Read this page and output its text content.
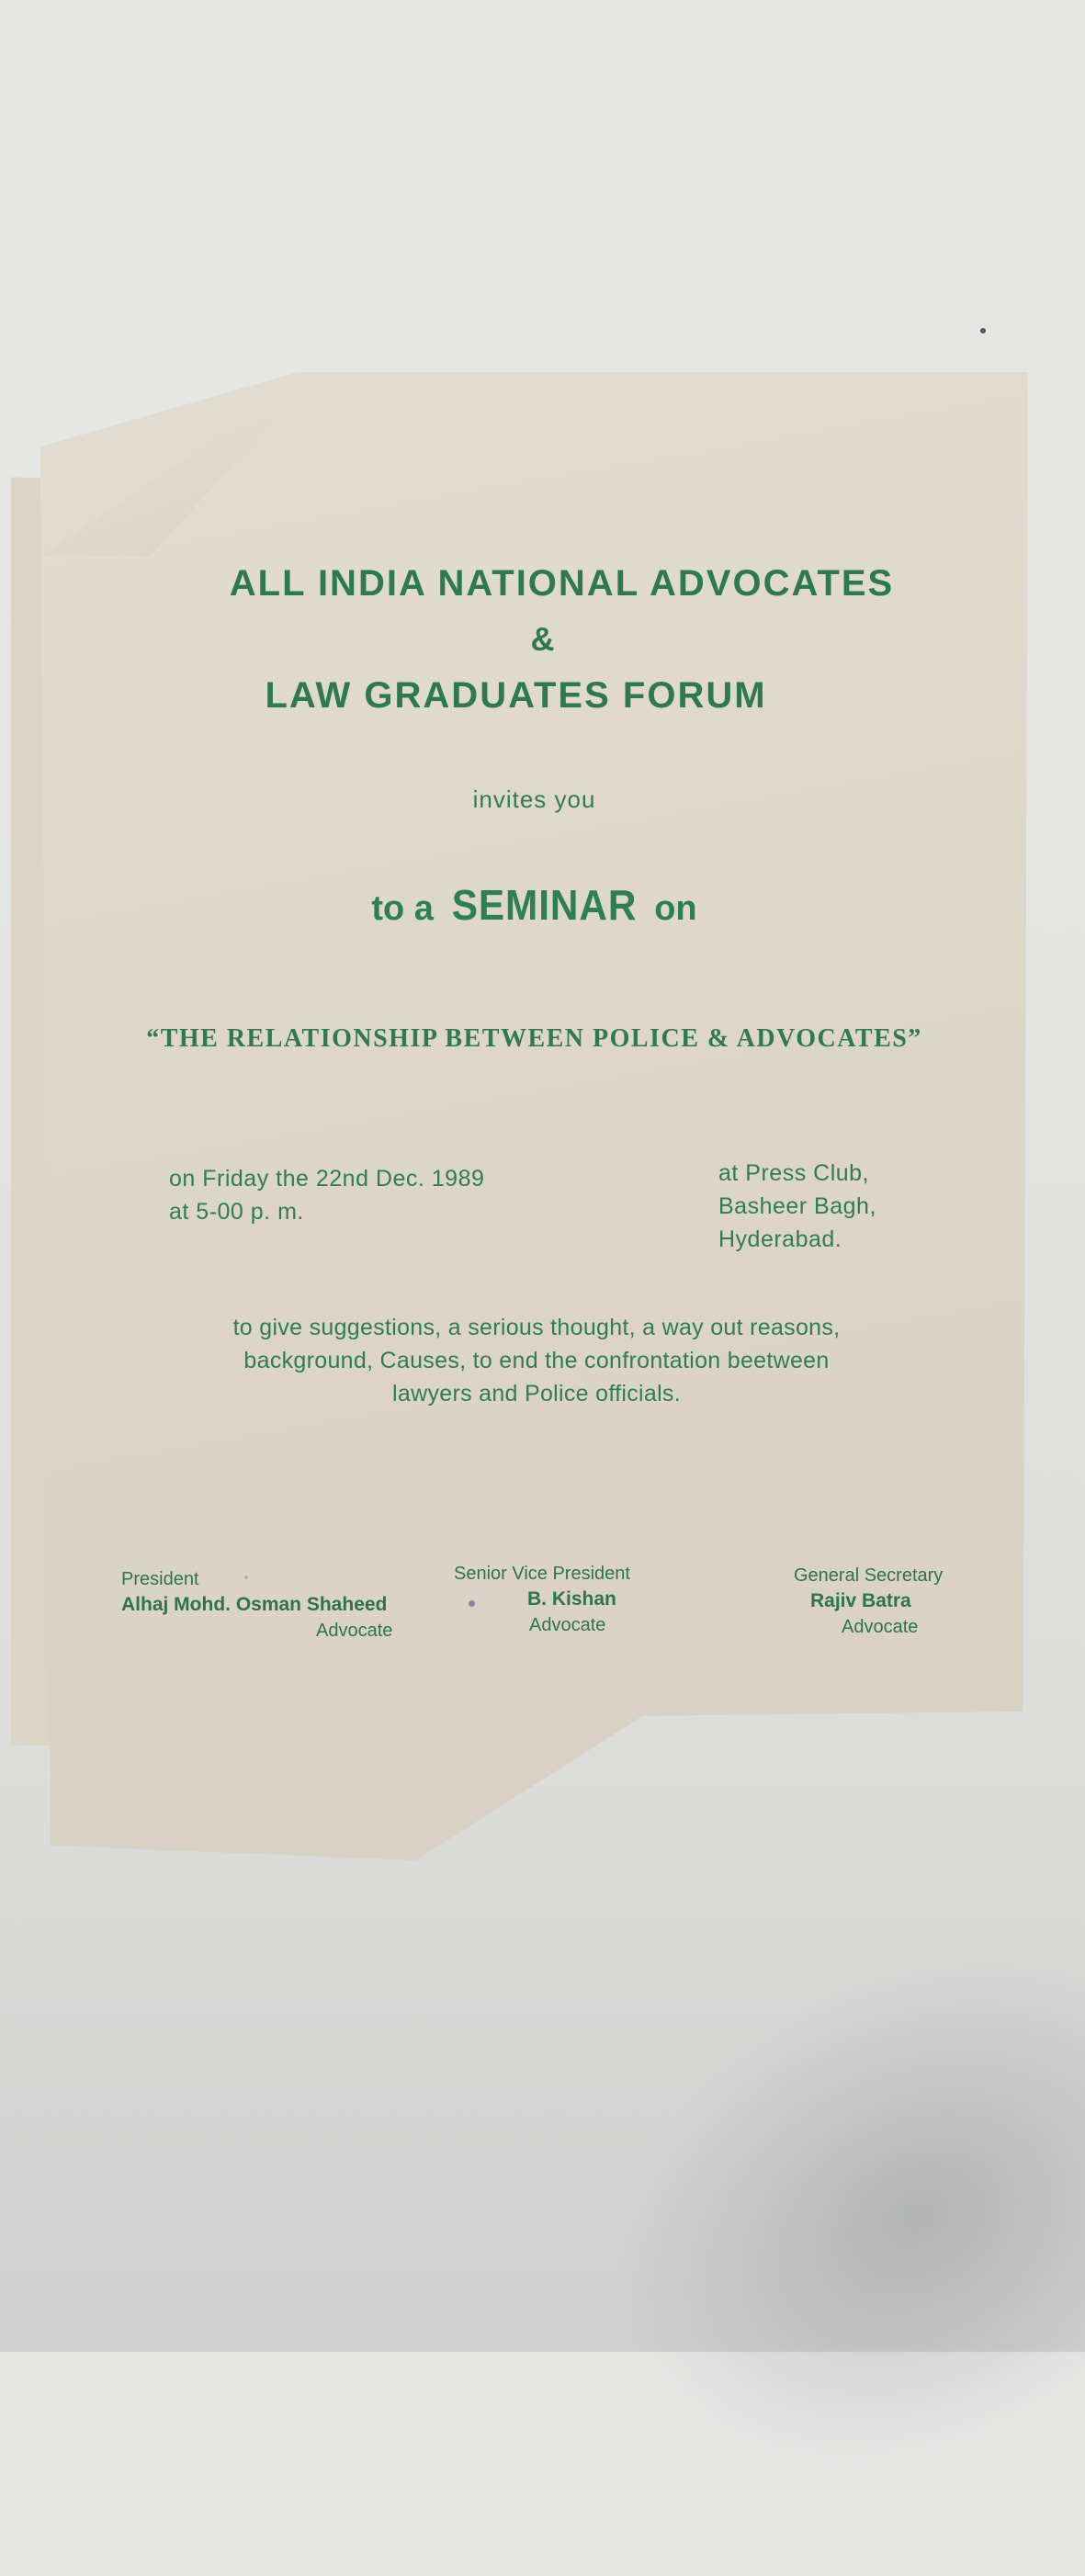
ALL INDIA NATIONAL ADVOCATES
&
LAW GRADUATES FORUM
invites you
to a SEMINAR on
“THE RELATIONSHIP BETWEEN POLICE & ADVOCATES”
on Friday the 22nd Dec. 1989
at 5-00 p. m.
at Press Club,
Basheer Bagh,
Hyderabad.
to give suggestions, a serious thought, a way out reasons,
background, Causes, to end the confrontation beetween
lawyers and Police officials.
President
Alhaj Mohd. Osman Shaheed
Advocate
Senior Vice President
B. Kishan
Advocate
General Secretary
Rajiv Batra
Advocate
